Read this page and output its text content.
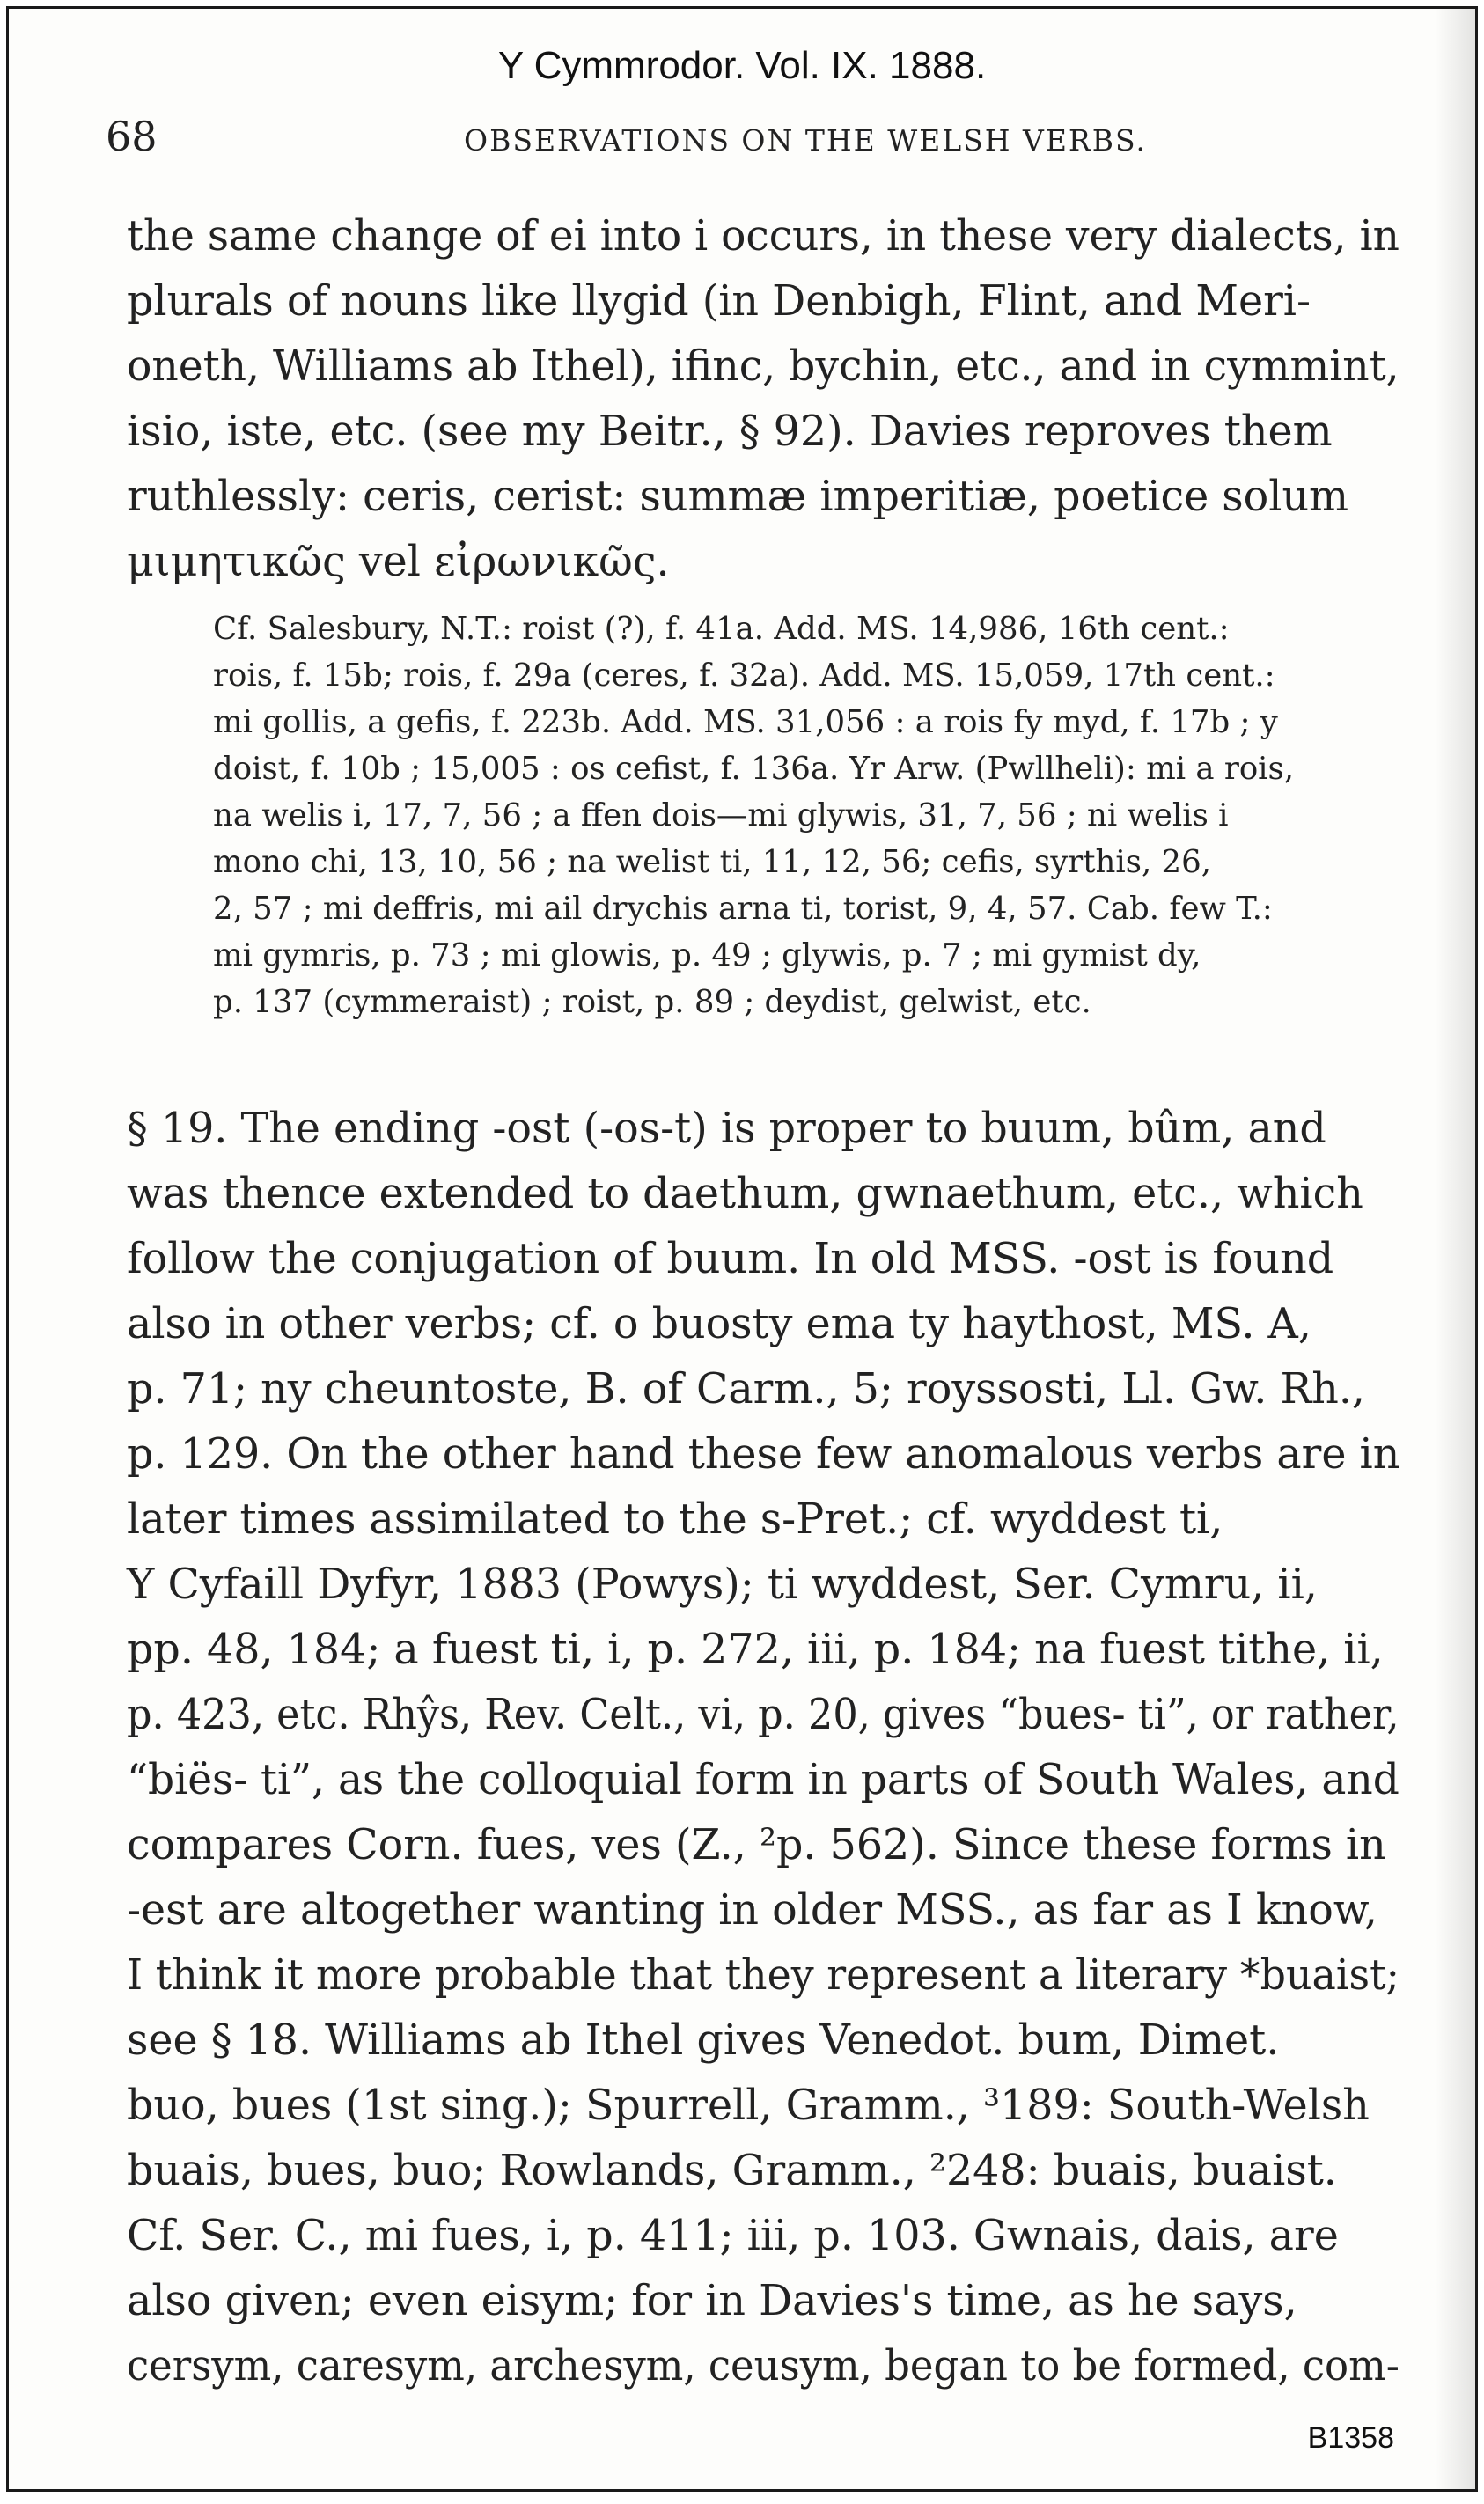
Y Cymmrodor. Vol. IX. 1888.
68	OBSERVATIONS ON THE WELSH VERBS.
the same change of ei into i occurs, in these very dialects, in
plurals of nouns like llygid (in Denbigh, Flint, and Meri-
oneth, Williams ab Ithel), ifinc, bychin, etc., and in cymmint,
isio, iste, etc. (see my Beitr., § 92). Davies reproves them
ruthlessly: ceris, cerist: summæ imperitiæ, poetice solum
μιμητικῶς vel εἰρωνικῶς.
Cf. Salesbury, N.T.: roist (?), f. 41a. Add. MS. 14,986, 16th cent.:
rois, f. 15b; rois, f. 29a (ceres, f. 32a). Add. MS. 15,059, 17th cent.:
mi gollis, a gefis, f. 223b. Add. MS. 31,056 : a rois fy myd, f. 17b ; y
doist, f. 10b ; 15,005 : os cefist, f. 136a. Yr Arw. (Pwllheli): mi a rois,
na welis i, 17, 7, 56 ; a ffen dois—mi glywis, 31, 7, 56 ; ni welis i
mono chi, 13, 10, 56 ; na welist ti, 11, 12, 56; cefis, syrthis, 26,
2, 57 ; mi deffris, mi ail drychis arna ti, torist, 9, 4, 57. Cab. few T.:
mi gymris, p. 73 ; mi glowis, p. 49 ; glywis, p. 7 ; mi gymist dy,
p. 137 (cymmeraist) ; roist, p. 89 ; deydist, gelwist, etc.
§ 19. The ending -ost (-os-t) is proper to buum, bûm, and
was thence extended to daethum, gwnaethum, etc., which
follow the conjugation of buum. In old MSS. -ost is found
also in other verbs; cf. o buosty ema ty haythost, MS. A,
p. 71; ny cheuntoste, B. of Carm., 5; royssosti, Ll. Gw. Rh.,
p. 129. On the other hand these few anomalous verbs are in
later times assimilated to the s-Pret.; cf. wyddest ti,
Y Cyfaill Dyfyr, 1883 (Powys); ti wyddest, Ser. Cymru, ii,
pp. 48, 184; a fuest ti, i, p. 272, iii, p. 184; na fuest tithe, ii,
p. 423, etc. Rhŷs, Rev. Celt., vi, p. 20, gives “bues- ti”, or rather,
“biës- ti”, as the colloquial form in parts of South Wales, and
compares Corn. fues, ves (Z., ²p. 562). Since these forms in
-est are altogether wanting in older MSS., as far as I know,
I think it more probable that they represent a literary *buaist;
see § 18. Williams ab Ithel gives Venedot. bum, Dimet.
buo, bues (1st sing.); Spurrell, Gramm., ³189: South-Welsh
buais, bues, buo; Rowlands, Gramm., ²248: buais, buaist.
Cf. Ser. C., mi fues, i, p. 411; iii, p. 103. Gwnais, dais, are
also given; even eisym; for in Davies's time, as he says,
cersym, caresym, archesym, ceusym, began to be formed, com-
B1358
